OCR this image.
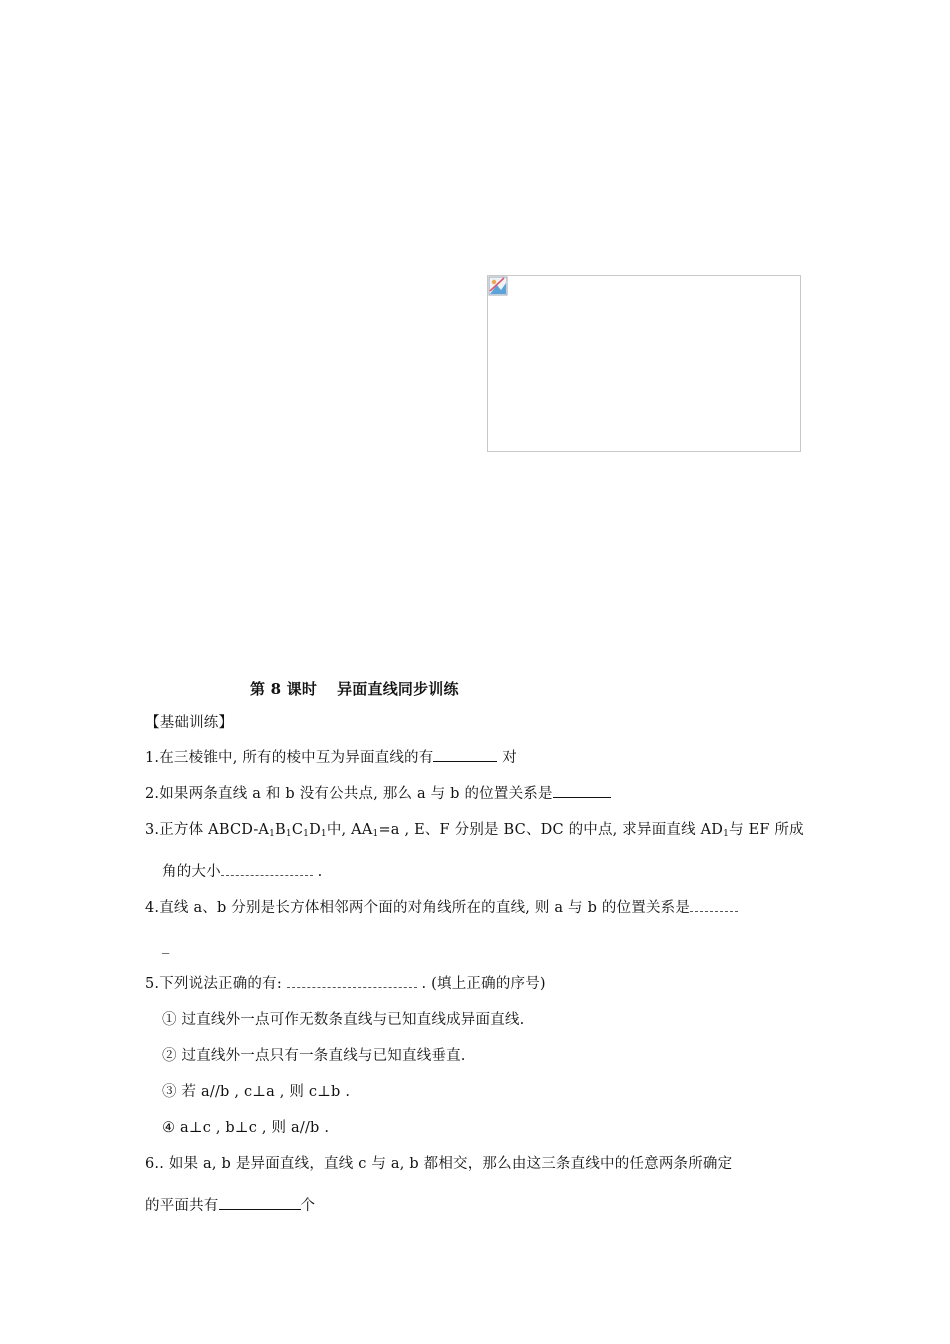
第 8 课时 异面直线同步训练
【基础训练】
1.在三棱锥中, 所有的棱中互为异面直线的有	对
2.如果两条直线 a 和 b 没有公共点, 那么 a 与 b 的位置关系是
3.正方体 ABCD-$A_1B_1C_1D_1$中, $AA_1=a$ , E、F 分别是 BC、DC 的中点, 求异面直线 $AD_1$与 EF 所成
角的大小	.
4.直线 a、b 分别是长方体相邻两个面的对角线所在的直线, 则 a 与 b 的位置关系是
_
5.下列说法正确的有:	. (填上正确的序号)
① 过直线外一点可作无数条直线与已知直线成异面直线.
② 过直线外一点只有一条直线与已知直线垂直.
③ 若 a//b , c⊥a , 则 c⊥b .
④ a⊥c , b⊥c , 则 a//b .
6.. 如果 a, b 是异面直线，直线 c 与 a, b 都相交，那么由这三条直线中的任意两条所确定
的平面共有	个
